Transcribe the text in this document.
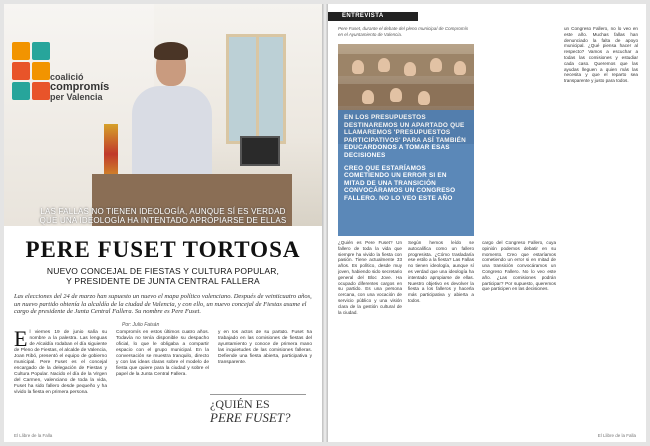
coalició
compromís
per Valencia
LAS FALLAS NO TIENEN IDEOLOGÍA, AUNQUE SÍ ES VERDAD
QUE UNA IDEOLOGÍA HA INTENTADO APROPIARSE DE ELLAS
PERE FUSET TORTOSA
NUEVO CONCEJAL DE FIESTAS Y CULTURA POPULAR,
Y PRESIDENTE DE JUNTA CENTRAL FALLERA
Las elecciones del 24 de marzo han supuesto un nuevo el mapa político valenciano. Después de veinticuatro años, un nuevo partido obtenía la alcaldía de la ciudad de Valencia, y con ello, un nuevo concejal de Fiestas asume el cargo de presidente de Junta Central Fallera. Su nombre es Pere Fuset.
Por: Julio Faisán
El viernes 19 de junio salía su nombre a la palestra. Las lenguas de Alcaldía rodaban el día siguiente de Pleno de Fiestas, el alcalde de Valencia, Joan Ribó, presentó el equipo de gobierno municipal. Pere Fuset es el concejal encargado de la delegación de Fiestas y Cultura Popular. Nacido el día de la Virgen del Carmen, valenciano de toda la vida, Fuset ha sido fallero desde pequeño y ha vivido la fiesta en primera persona.
Compromís en estos últimos cuatro años. Todavía no tenía disponible su despacho oficial, lo que le obligaba a compartir espacio con el grupo municipal. En la conversación se muestra tranquilo, directo y con las ideas claras sobre el modelo de fiesta que quiere para la ciudad y sobre el papel de la Junta Central Fallera.
y en los actos de su partido. Fuset ha trabajado en las comisiones de fiestas del ayuntamiento y conoce de primera mano las inquietudes de las comisiones falleras. Defiende una fiesta abierta, participativa y transparente.
¿QUIÉN ES
PERE FUSET?
El Llibre de la Falla
ENTREVISTA
Pere Fuset, durante el debate del pleno municipal de Compromís en el Ayuntamiento de Valencia.
EN LOS PRESUPUESTOS DESTINAREMOS UN APARTADO QUE LLAMAREMOS 'PRESUPUESTOS PARTICIPATIVOS' PARA ASÍ TAMBIÉN EDUCARDONOS A TOMAR ESAS DECISIONES
CREO QUE ESTARÍAMOS COMETIENDO UN ERROR SI EN MITAD DE UNA TRANSICIÓN CONVOCÁRAMOS UN CONGRESO FALLERO. NO LO VEO ESTE AÑO
¿Quién es Pere Fuset? Un fallero de toda la vida que siempre ha vivido la fiesta con pasión. Tiene actualmente 33 años. Es político, desde muy joven, habiendo sido secretario general del Bloc Jove. Ha ocupado diferentes cargos en su partido. Es una persona cercana, con una vocación de servicio público y una visión clara de la gestión cultural de la ciudad.
Según hemos leído se autocalifica como un fallero progresista. ¿Cómo trasladaría ese estilo a la fiesta? Las Fallas no tienen ideología, aunque sí es verdad que una ideología ha intentado apropiarse de ellas. Nuestro objetivo es devolver la fiesta a los falleros y hacerla más participativa y abierta a todos.
cargo del Congreso Fallero, cuya opinión podemos debatir en su momento. Creo que estaríamos cometiendo un error si en mitad de una transición convocáramos un Congreso Fallero. No lo veo este año. ¿Las comisiones podrán participar? Por supuesto, queremos que participen en las decisiones.
un Congreso Fallero, no lo veo en este año. Muchas fallas han denunciado la falta de apoyo municipal. ¿Qué piensa hacer al respecto? Vamos a escuchar a todas las comisiones y estudiar cada caso. Queremos que las ayudas lleguen a quien más las necesita y que el reparto sea transparente y justo para todos.
El Llibre de la Falla
